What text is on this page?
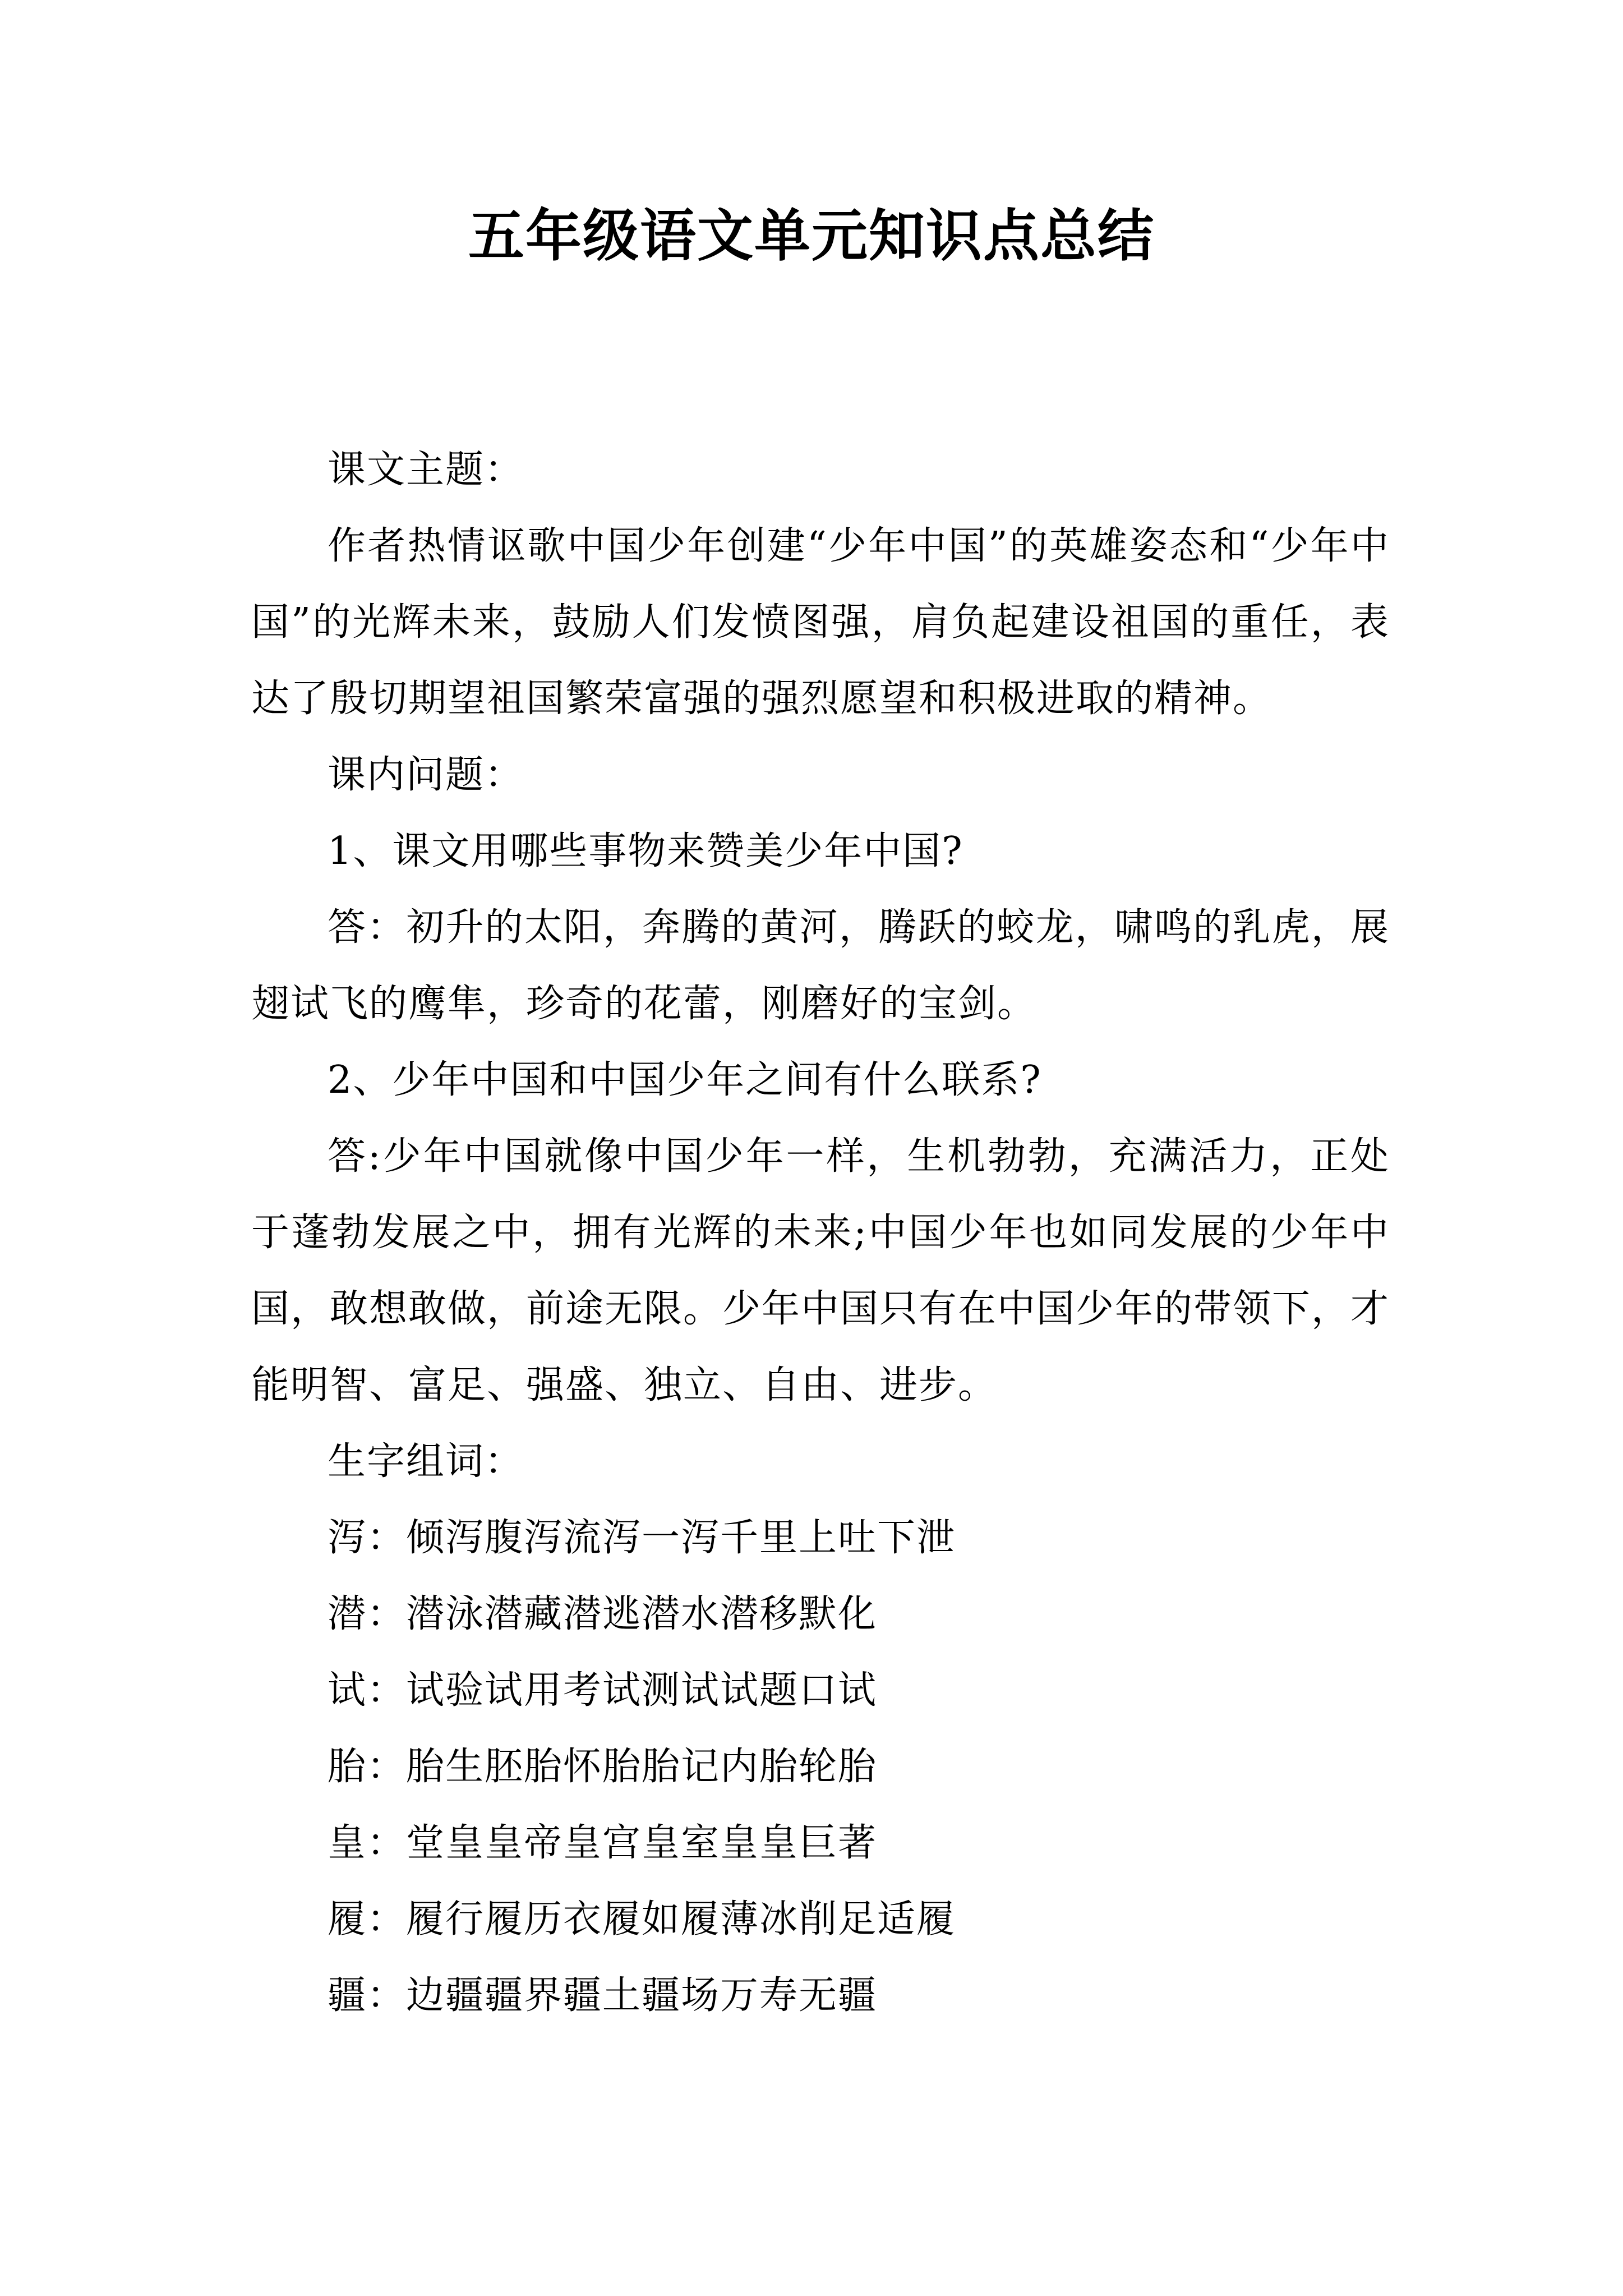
五年级语文单元知识点总结

课文主题：

作者热情讴歌中国少年创建“少年中国”的英雄姿态和“少年中国”的光辉未来，鼓励人们发愤图强，肩负起建设祖国的重任，表达了殷切期望祖国繁荣富强的强烈愿望和积极进取的精神。

课内问题：

1、课文用哪些事物来赞美少年中国?

答：初升的太阳，奔腾的黄河，腾跃的蛟龙，啸鸣的乳虎，展翅试飞的鹰隼，珍奇的花蕾，刚磨好的宝剑。

2、少年中国和中国少年之间有什么联系?

答:少年中国就像中国少年一样，生机勃勃，充满活力，正处于蓬勃发展之中，拥有光辉的未来;中国少年也如同发展的少年中国，敢想敢做，前途无限。少年中国只有在中国少年的带领下，才能明智、富足、强盛、独立、自由、进步。

生字组词：

泻：倾泻腹泻流泻一泻千里上吐下泄

潜：潜泳潜藏潜逃潜水潜移默化

试：试验试用考试测试试题口试

胎：胎生胚胎怀胎胎记内胎轮胎

皇：堂皇皇帝皇宫皇室皇皇巨著

履：履行履历衣履如履薄冰削足适履

疆：边疆疆界疆土疆场万寿无疆
